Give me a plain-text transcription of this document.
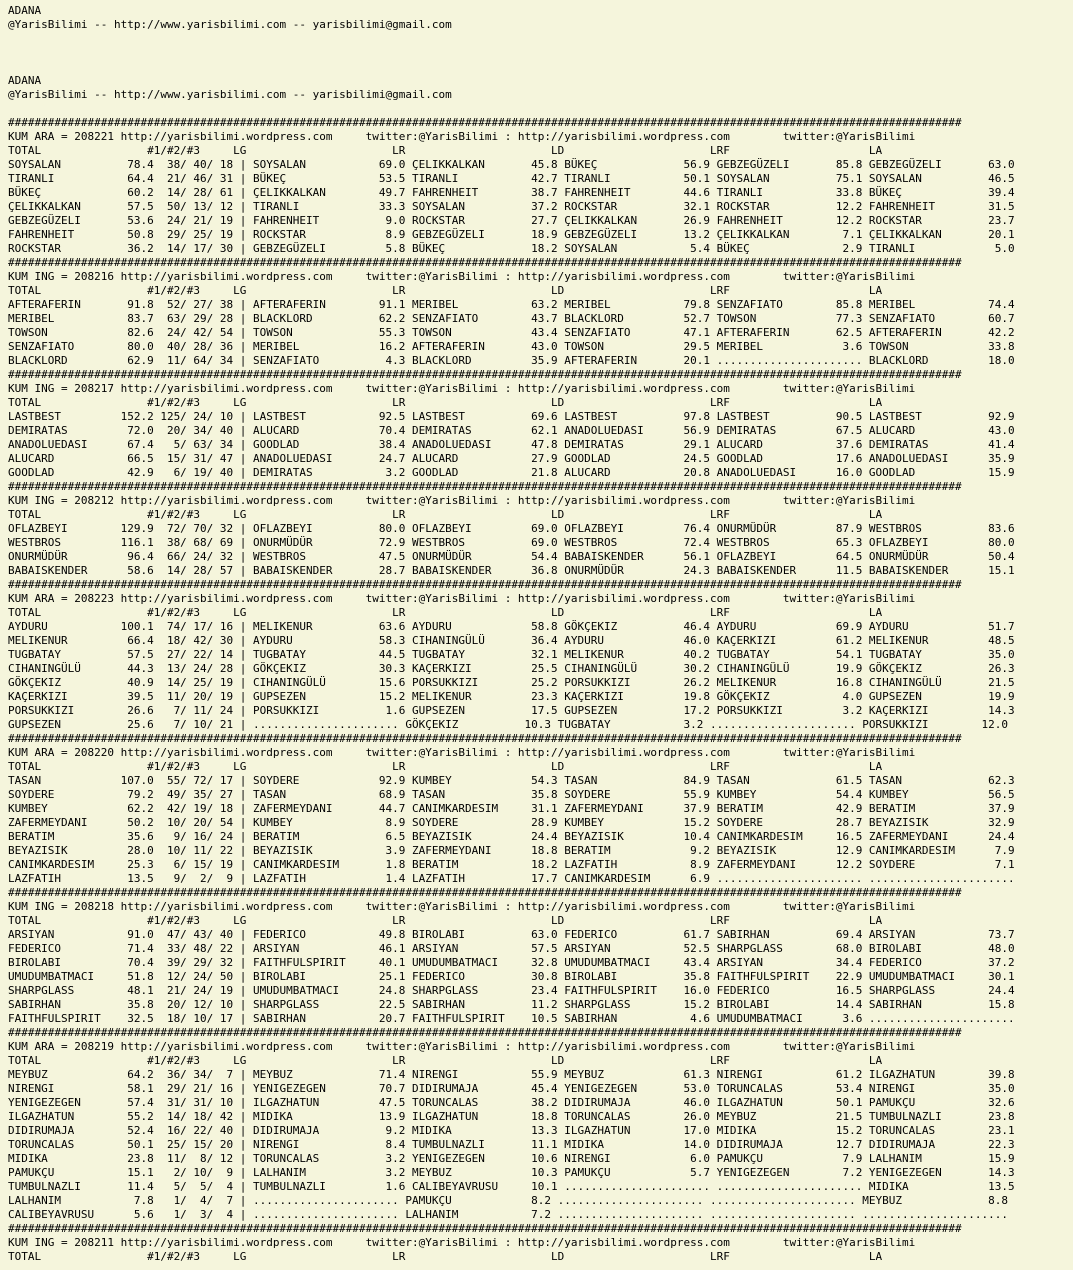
ADANA
@YarisBilimi -- http://www.yarisbilimi.com -- yarisbilimi@gmail.com
ADANA
@YarisBilimi -- http://www.yarisbilimi.com -- yarisbilimi@gmail.com
################################################################################################################################################
KUM ARA = 208221 http://yarisbilimi.wordpress.com     twitter:@YarisBilimi : http://yarisbilimi.wordpress.com        twitter:@YarisBilimi
TOTAL                #1/#2/#3     LG                      LR                      LD                      LRF                     LA
SOYSALAN          78.4  38/ 40/ 18 | SOYSALAN           69.0 ÇELIKKALKAN       45.8 BÜKEÇ             56.9 GEBZEGÜZELI       85.8 GEBZEGÜZELI       63.0
TIRANLI           64.4  21/ 46/ 31 | BÜKEÇ              53.5 TIRANLI           42.7 TIRANLI           50.1 SOYSALAN          75.1 SOYSALAN          46.5
BÜKEÇ             60.2  14/ 28/ 61 | ÇELIKKALKAN        49.7 FAHRENHEIT        38.7 FAHRENHEIT        44.6 TIRANLI           33.8 BÜKEÇ             39.4
ÇELIKKALKAN       57.5  50/ 13/ 12 | TIRANLI            33.3 SOYSALAN          37.2 ROCKSTAR          32.1 ROCKSTAR          12.2 FAHRENHEIT        31.5
GEBZEGÜZELI       53.6  24/ 21/ 19 | FAHRENHEIT          9.0 ROCKSTAR          27.7 ÇELIKKALKAN       26.9 FAHRENHEIT        12.2 ROCKSTAR          23.7
FAHRENHEIT        50.8  29/ 25/ 19 | ROCKSTAR            8.9 GEBZEGÜZELI       18.9 GEBZEGÜZELI       13.2 ÇELIKKALKAN        7.1 ÇELIKKALKAN       20.1
ROCKSTAR          36.2  14/ 17/ 30 | GEBZEGÜZELI         5.8 BÜKEÇ             18.2 SOYSALAN           5.4 BÜKEÇ              2.9 TIRANLI            5.0
################################################################################################################################################
KUM ING = 208216 http://yarisbilimi.wordpress.com     twitter:@YarisBilimi : http://yarisbilimi.wordpress.com        twitter:@YarisBilimi
TOTAL                #1/#2/#3     LG                      LR                      LD                      LRF                     LA
AFTERAFERIN       91.8  52/ 27/ 38 | AFTERAFERIN        91.1 MERIBEL           63.2 MERIBEL           79.8 SENZAFIATO        85.8 MERIBEL           74.4
MERIBEL           83.7  63/ 29/ 28 | BLACKLORD          62.2 SENZAFIATO        43.7 BLACKLORD         52.7 TOWSON            77.3 SENZAFIATO        60.7
TOWSON            82.6  24/ 42/ 54 | TOWSON             55.3 TOWSON            43.4 SENZAFIATO        47.1 AFTERAFERIN       62.5 AFTERAFERIN       42.2
SENZAFIATO        80.0  40/ 28/ 36 | MERIBEL            16.2 AFTERAFERIN       43.0 TOWSON            29.5 MERIBEL            3.6 TOWSON            33.8
BLACKLORD         62.9  11/ 64/ 34 | SENZAFIATO          4.3 BLACKLORD         35.9 AFTERAFERIN       20.1 ...................... BLACKLORD         18.0
################################################################################################################################################
KUM ING = 208217 http://yarisbilimi.wordpress.com     twitter:@YarisBilimi : http://yarisbilimi.wordpress.com        twitter:@YarisBilimi
TOTAL                #1/#2/#3     LG                      LR                      LD                      LRF                     LA
LASTBEST         152.2 125/ 24/ 10 | LASTBEST           92.5 LASTBEST          69.6 LASTBEST          97.8 LASTBEST          90.5 LASTBEST          92.9
DEMIRATAS         72.0  20/ 34/ 40 | ALUCARD            70.4 DEMIRATAS         62.1 ANADOLUEDASI      56.9 DEMIRATAS         67.5 ALUCARD           43.0
ANADOLUEDASI      67.4   5/ 63/ 34 | GOODLAD            38.4 ANADOLUEDASI      47.8 DEMIRATAS         29.1 ALUCARD           37.6 DEMIRATAS         41.4
ALUCARD           66.5  15/ 31/ 47 | ANADOLUEDASI       24.7 ALUCARD           27.9 GOODLAD           24.5 GOODLAD           17.6 ANADOLUEDASI      35.9
GOODLAD           42.9   6/ 19/ 40 | DEMIRATAS           3.2 GOODLAD           21.8 ALUCARD           20.8 ANADOLUEDASI      16.0 GOODLAD           15.9
################################################################################################################################################
KUM ING = 208212 http://yarisbilimi.wordpress.com     twitter:@YarisBilimi : http://yarisbilimi.wordpress.com        twitter:@YarisBilimi
TOTAL                #1/#2/#3     LG                      LR                      LD                      LRF                     LA
OFLAZBEYI        129.9  72/ 70/ 32 | OFLAZBEYI          80.0 OFLAZBEYI         69.0 OFLAZBEYI         76.4 ONURMÜDÜR         87.9 WESTBROS          83.6
WESTBROS         116.1  38/ 68/ 69 | ONURMÜDÜR          72.9 WESTBROS          69.0 WESTBROS          72.4 WESTBROS          65.3 OFLAZBEYI         80.0
ONURMÜDÜR         96.4  66/ 24/ 32 | WESTBROS           47.5 ONURMÜDÜR         54.4 BABAISKENDER      56.1 OFLAZBEYI         64.5 ONURMÜDÜR         50.4
BABAISKENDER      58.6  14/ 28/ 57 | BABAISKENDER       28.7 BABAISKENDER      36.8 ONURMÜDÜR         24.3 BABAISKENDER      11.5 BABAISKENDER      15.1
################################################################################################################################################
KUM ARA = 208223 http://yarisbilimi.wordpress.com     twitter:@YarisBilimi : http://yarisbilimi.wordpress.com        twitter:@YarisBilimi
TOTAL                #1/#2/#3     LG                      LR                      LD                      LRF                     LA
AYDURU           100.1  74/ 17/ 16 | MELIKENUR          63.6 AYDURU            58.8 GÖKÇEKIZ          46.4 AYDURU            69.9 AYDURU            51.7
MELIKENUR         66.4  18/ 42/ 30 | AYDURU             58.3 CIHANINGÜLÜ       36.4 AYDURU            46.0 KAÇERKIZI         61.2 MELIKENUR         48.5
TUGBATAY          57.5  27/ 22/ 14 | TUGBATAY           44.5 TUGBATAY          32.1 MELIKENUR         40.2 TUGBATAY          54.1 TUGBATAY          35.0
CIHANINGÜLÜ       44.3  13/ 24/ 28 | GÖKÇEKIZ           30.3 KAÇERKIZI         25.5 CIHANINGÜLÜ       30.2 CIHANINGÜLÜ       19.9 GÖKÇEKIZ          26.3
GÖKÇEKIZ          40.9  14/ 25/ 19 | CIHANINGÜLÜ        15.6 PORSUKKIZI        25.2 PORSUKKIZI        26.2 MELIKENUR         16.8 CIHANINGÜLÜ       21.5
KAÇERKIZI         39.5  11/ 20/ 19 | GUPSEZEN           15.2 MELIKENUR         23.3 KAÇERKIZI         19.8 GÖKÇEKIZ           4.0 GUPSEZEN          19.9
PORSUKKIZI        26.6   7/ 11/ 24 | PORSUKKIZI          1.6 GUPSEZEN          17.5 GUPSEZEN          17.2 PORSUKKIZI         3.2 KAÇERKIZI         14.3
GUPSEZEN          25.6   7/ 10/ 21 | ...................... GÖKÇEKIZ          10.3 TUGBATAY           3.2 ...................... PORSUKKIZI        12.0
################################################################################################################################################
KUM ARA = 208220 http://yarisbilimi.wordpress.com     twitter:@YarisBilimi : http://yarisbilimi.wordpress.com        twitter:@YarisBilimi
TOTAL                #1/#2/#3     LG                      LR                      LD                      LRF                     LA
TASAN            107.0  55/ 72/ 17 | SOYDERE            92.9 KUMBEY            54.3 TASAN             84.9 TASAN             61.5 TASAN             62.3
SOYDERE           79.2  49/ 35/ 27 | TASAN              68.9 TASAN             35.8 SOYDERE           55.9 KUMBEY            54.4 KUMBEY            56.5
KUMBEY            62.2  42/ 19/ 18 | ZAFERMEYDANI       44.7 CANIMKARDESIM     31.1 ZAFERMEYDANI      37.9 BERATIM           42.9 BERATIM           37.9
ZAFERMEYDANI      50.2  10/ 20/ 54 | KUMBEY              8.9 SOYDERE           28.9 KUMBEY            15.2 SOYDERE           28.7 BEYAZISIK         32.9
BERATIM           35.6   9/ 16/ 24 | BERATIM             6.5 BEYAZISIK         24.4 BEYAZISIK         10.4 CANIMKARDESIM     16.5 ZAFERMEYDANI      24.4
BEYAZISIK         28.0  10/ 11/ 22 | BEYAZISIK           3.9 ZAFERMEYDANI      18.8 BERATIM            9.2 BEYAZISIK         12.9 CANIMKARDESIM      7.9
CANIMKARDESIM     25.3   6/ 15/ 19 | CANIMKARDESIM       1.8 BERATIM           18.2 LAZFATIH           8.9 ZAFERMEYDANI      12.2 SOYDERE            7.1
LAZFATIH          13.5   9/  2/  9 | LAZFATIH            1.4 LAZFATIH          17.7 CANIMKARDESIM      6.9 ...................... ......................
################################################################################################################################################
KUM ING = 208218 http://yarisbilimi.wordpress.com     twitter:@YarisBilimi : http://yarisbilimi.wordpress.com        twitter:@YarisBilimi
TOTAL                #1/#2/#3     LG                      LR                      LD                      LRF                     LA
ARSIYAN           91.0  47/ 43/ 40 | FEDERICO           49.8 BIROLABI          63.0 FEDERICO          61.7 SABIRHAN          69.4 ARSIYAN           73.7
FEDERICO          71.4  33/ 48/ 22 | ARSIYAN            46.1 ARSIYAN           57.5 ARSIYAN           52.5 SHARPGLASS        68.0 BIROLABI          48.0
BIROLABI          70.4  39/ 29/ 32 | FAITHFULSPIRIT     40.1 UMUDUMBATMACI     32.8 UMUDUMBATMACI     43.4 ARSIYAN           34.4 FEDERICO          37.2
UMUDUMBATMACI     51.8  12/ 24/ 50 | BIROLABI           25.1 FEDERICO          30.8 BIROLABI          35.8 FAITHFULSPIRIT    22.9 UMUDUMBATMACI     30.1
SHARPGLASS        48.1  21/ 24/ 19 | UMUDUMBATMACI      24.8 SHARPGLASS        23.4 FAITHFULSPIRIT    16.0 FEDERICO          16.5 SHARPGLASS        24.4
SABIRHAN          35.8  20/ 12/ 10 | SHARPGLASS         22.5 SABIRHAN          11.2 SHARPGLASS        15.2 BIROLABI          14.4 SABIRHAN          15.8
FAITHFULSPIRIT    32.5  18/ 10/ 17 | SABIRHAN           20.7 FAITHFULSPIRIT    10.5 SABIRHAN           4.6 UMUDUMBATMACI      3.6 ......................
################################################################################################################################################
KUM ARA = 208219 http://yarisbilimi.wordpress.com     twitter:@YarisBilimi : http://yarisbilimi.wordpress.com        twitter:@YarisBilimi
TOTAL                #1/#2/#3     LG                      LR                      LD                      LRF                     LA
MEYBUZ            64.2  36/ 34/  7 | MEYBUZ             71.4 NIRENGI           55.9 MEYBUZ            61.3 NIRENGI           61.2 ILGAZHATUN        39.8
NIRENGI           58.1  29/ 21/ 16 | YENIGEZEGEN        70.7 DIDIRUMAJA        45.4 YENIGEZEGEN       53.0 TORUNCALAS        53.4 NIRENGI           35.0
YENIGEZEGEN       57.4  31/ 31/ 10 | ILGAZHATUN         47.5 TORUNCALAS        38.2 DIDIRUMAJA        46.0 ILGAZHATUN        50.1 PAMUKÇU           32.6
ILGAZHATUN        55.2  14/ 18/ 42 | MIDIKA             13.9 ILGAZHATUN        18.8 TORUNCALAS        26.0 MEYBUZ            21.5 TUMBULNAZLI       23.8
DIDIRUMAJA        52.4  16/ 22/ 40 | DIDIRUMAJA          9.2 MIDIKA            13.3 ILGAZHATUN        17.0 MIDIKA            15.2 TORUNCALAS        23.1
TORUNCALAS        50.1  25/ 15/ 20 | NIRENGI             8.4 TUMBULNAZLI       11.1 MIDIKA            14.0 DIDIRUMAJA        12.7 DIDIRUMAJA        22.3
MIDIKA            23.8  11/  8/ 12 | TORUNCALAS          3.2 YENIGEZEGEN       10.6 NIRENGI            6.0 PAMUKÇU            7.9 LALHANIM          15.9
PAMUKÇU           15.1   2/ 10/  9 | LALHANIM            3.2 MEYBUZ            10.3 PAMUKÇU            5.7 YENIGEZEGEN        7.2 YENIGEZEGEN       14.3
TUMBULNAZLI       11.4   5/  5/  4 | TUMBULNAZLI         1.6 CALIBEYAVRUSU     10.1 ...................... ...................... MIDIKA            13.5
LALHANIM           7.8   1/  4/  7 | ...................... PAMUKÇU            8.2 ...................... ...................... MEYBUZ             8.8
CALIBEYAVRUSU      5.6   1/  3/  4 | ...................... LALHANIM           7.2 ...................... ...................... ......................
################################################################################################################################################
KUM ING = 208211 http://yarisbilimi.wordpress.com     twitter:@YarisBilimi : http://yarisbilimi.wordpress.com        twitter:@YarisBilimi
TOTAL                #1/#2/#3     LG                      LR                      LD                      LRF                     LA
